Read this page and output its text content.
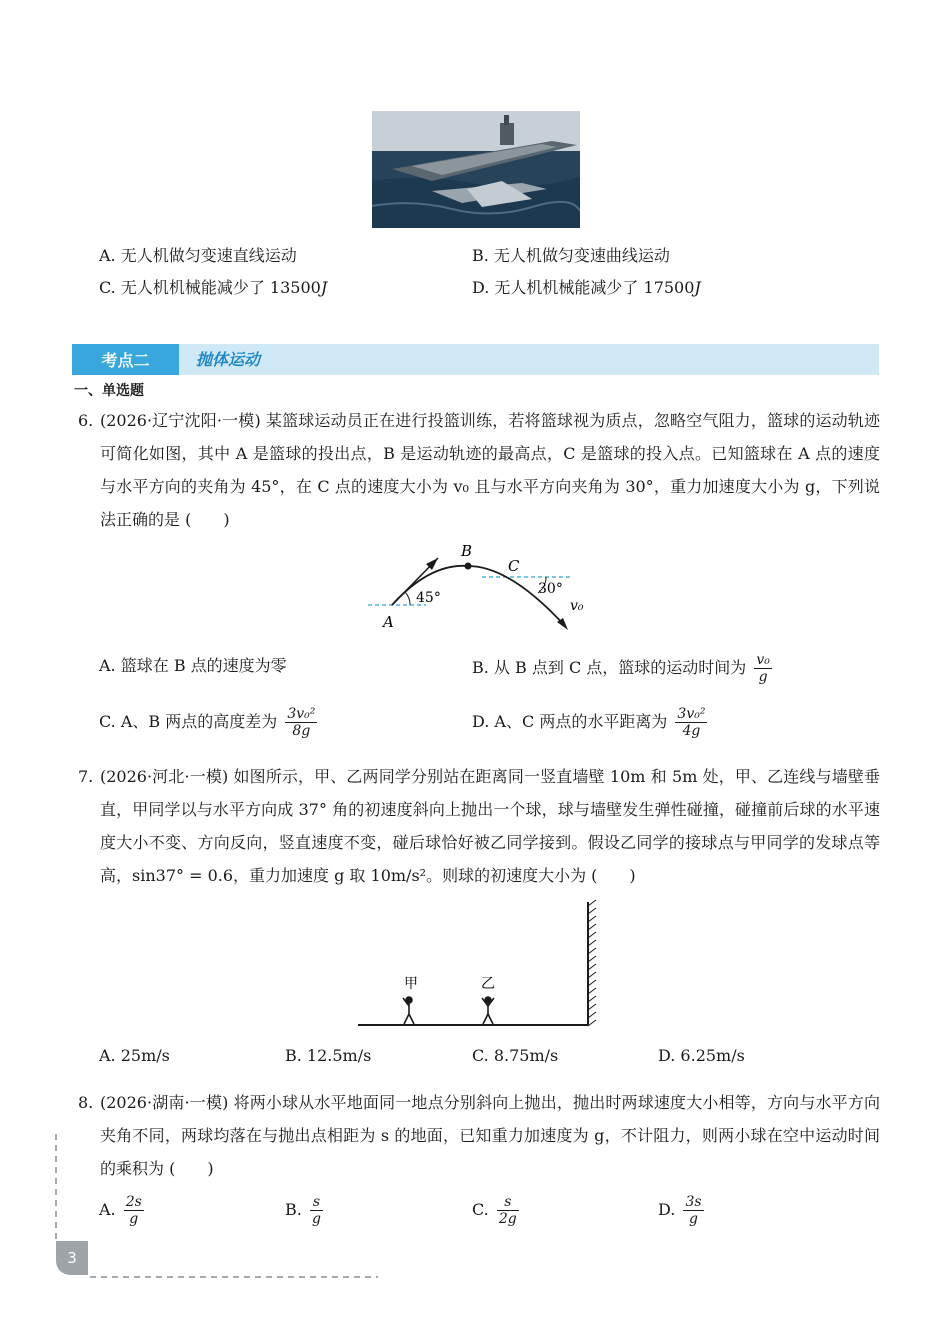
A. 无人机做匀变速直线运动	B. 无人机做匀变速曲线运动
C. 无人机机械能减少了 13500J	D. 无人机机械能减少了 17500J
考点二	抛体运动
一、单选题
6. (2026·辽宁沈阳·一模) 某篮球运动员正在进行投篮训练，若将篮球视为质点，忽略空气阻力，篮球的运动轨迹可简化如图，其中 A 是篮球的投出点，B 是运动轨迹的最高点，C 是篮球的投入点。已知篮球在 A 点的速度与水平方向的夹角为 45°，在 C 点的速度大小为 v₀ 且与水平方向夹角为 30°，重力加速度大小为 g，下列说法正确的是 (　　)
A
B
C
45°
30°
v₀
A. 篮球在 B 点的速度为零	B. 从 B 点到 C 点，篮球的运动时间为 $\frac{\text{v₀}}{g}$
C. A、B 两点的高度差为 $\frac{\text{3v₀²}}{8g}$	D. A、C 两点的水平距离为 $\frac{\text{3v₀²}}{4g}$
7. (2026·河北·一模) 如图所示，甲、乙两同学分别站在距离同一竖直墙壁 10m 和 5m 处，甲、乙连线与墙壁垂直，甲同学以与水平方向成 37° 角的初速度斜向上抛出一个球，球与墙壁发生弹性碰撞，碰撞前后球的水平速度大小不变、方向反向，竖直速度不变，碰后球恰好被乙同学接到。假设乙同学的接球点与甲同学的发球点等高，sin37° = 0.6，重力加速度 g 取 10m/s²。则球的初速度大小为 (　　)
甲	乙
A. 25m/s	B. 12.5m/s	C. 8.75m/s	D. 6.25m/s
8. (2026·湖南·一模) 将两小球从水平地面同一地点分别斜向上抛出，抛出时两球速度大小相等，方向与水平方向夹角不同，两球均落在与抛出点相距为 s 的地面，已知重力加速度为 g，不计阻力，则两小球在空中运动时间的乘积为 (　　)
A. $\frac{2s}{g}$	B. $\frac{s}{g}$	C. $\frac{s}{2g}$	D. $\frac{3s}{g}$
3
